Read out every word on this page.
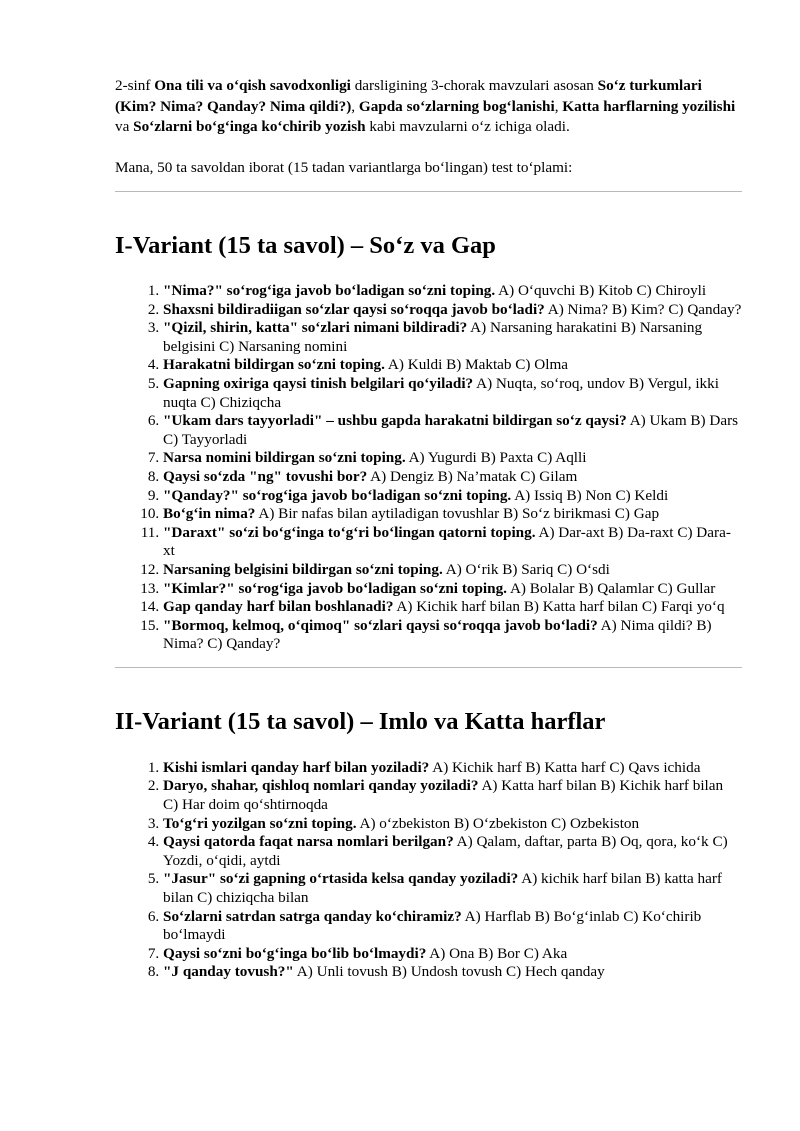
2-sinf Ona tili va o‘qish savodxonligi darsligining 3-chorak mavzulari asosan So‘z turkumlari (Kim? Nima? Qanday? Nima qildi?), Gapda so‘zlarning bog‘lanishi, Katta harflarning yozilishi va So‘zlarni bo‘g‘inga ko‘chirib yozish kabi mavzularni o‘z ichiga oladi.

Mana, 50 ta savoldan iborat (15 tadan variantlarga bo‘lingan) test to‘plami:

I-Variant (15 ta savol) – So‘z va Gap
1. "Nima?" so‘rog‘iga javob bo‘ladigan so‘zni toping. A) O‘quvchi B) Kitob C) Chiroyli
2. Shaxsni bildiradiigan so‘zlar qaysi so‘roqqa javob bo‘ladi? A) Nima? B) Kim? C) Qanday?
3. "Qizil, shirin, katta" so‘zlari nimani bildiradi? A) Narsaning harakatini B) Narsaning belgisini C) Narsaning nomini
4. Harakatni bildirgan so‘zni toping. A) Kuldi B) Maktab C) Olma
5. Gapning oxiriga qaysi tinish belgilari qo‘yiladi? A) Nuqta, so‘roq, undov B) Vergul, ikki nuqta C) Chiziqcha
6. "Ukam dars tayyorladi" – ushbu gapda harakatni bildirgan so‘z qaysi? A) Ukam B) Dars C) Tayyorladi
7. Narsa nomini bildirgan so‘zni toping. A) Yugurdi B) Paxta C) Aqlli
8. Qaysi so‘zda "ng" tovushi bor? A) Dengiz B) Na’matak C) Gilam
9. "Qanday?" so‘rog‘iga javob bo‘ladigan so‘zni toping. A) Issiq B) Non C) Keldi
10. Bo‘g‘in nima? A) Bir nafas bilan aytiladigan tovushlar B) So‘z birikmasi C) Gap
11. "Daraxt" so‘zi bo‘g‘inga to‘g‘ri bo‘lingan qatorni toping. A) Dar-axt B) Da-raxt C) Dara-xt
12. Narsaning belgisini bildirgan so‘zni toping. A) O‘rik B) Sariq C) O‘sdi
13. "Kimlar?" so‘rog‘iga javob bo‘ladigan so‘zni toping. A) Bolalar B) Qalamlar C) Gullar
14. Gap qanday harf bilan boshlanadi? A) Kichik harf bilan B) Katta harf bilan C) Farqi yo‘q
15. "Bormoq, kelmoq, o‘qimoq" so‘zlari qaysi so‘roqqa javob bo‘ladi? A) Nima qildi? B) Nima? C) Qanday?
II-Variant (15 ta savol) – Imlo va Katta harflar
1. Kishi ismlari qanday harf bilan yoziladi? A) Kichik harf B) Katta harf C) Qavs ichida
2. Daryo, shahar, qishloq nomlari qanday yoziladi? A) Katta harf bilan B) Kichik harf bilan C) Har doim qo‘shtirnoqda
3. To‘g‘ri yozilgan so‘zni toping. A) o‘zbekiston B) O‘zbekiston C) Ozbekiston
4. Qaysi qatorda faqat narsa nomlari berilgan? A) Qalam, daftar, parta B) Oq, qora, ko‘k C) Yozdi, o‘qidi, aytdi
5. "Jasur" so‘zi gapning o‘rtasida kelsa qanday yoziladi? A) kichik harf bilan B) katta harf bilan C) chiziqcha bilan
6. So‘zlarni satrdan satrga qanday ko‘chiramiz? A) Harflab B) Bo‘g‘inlab C) Ko‘chirib bo‘lmaydi
7. Qaysi so‘zni bo‘g‘inga bo‘lib bo‘lmaydi? A) Ona B) Bor C) Aka
8. "J qanday tovush?" A) Unli tovush B) Undosh tovush C) Hech qanday
